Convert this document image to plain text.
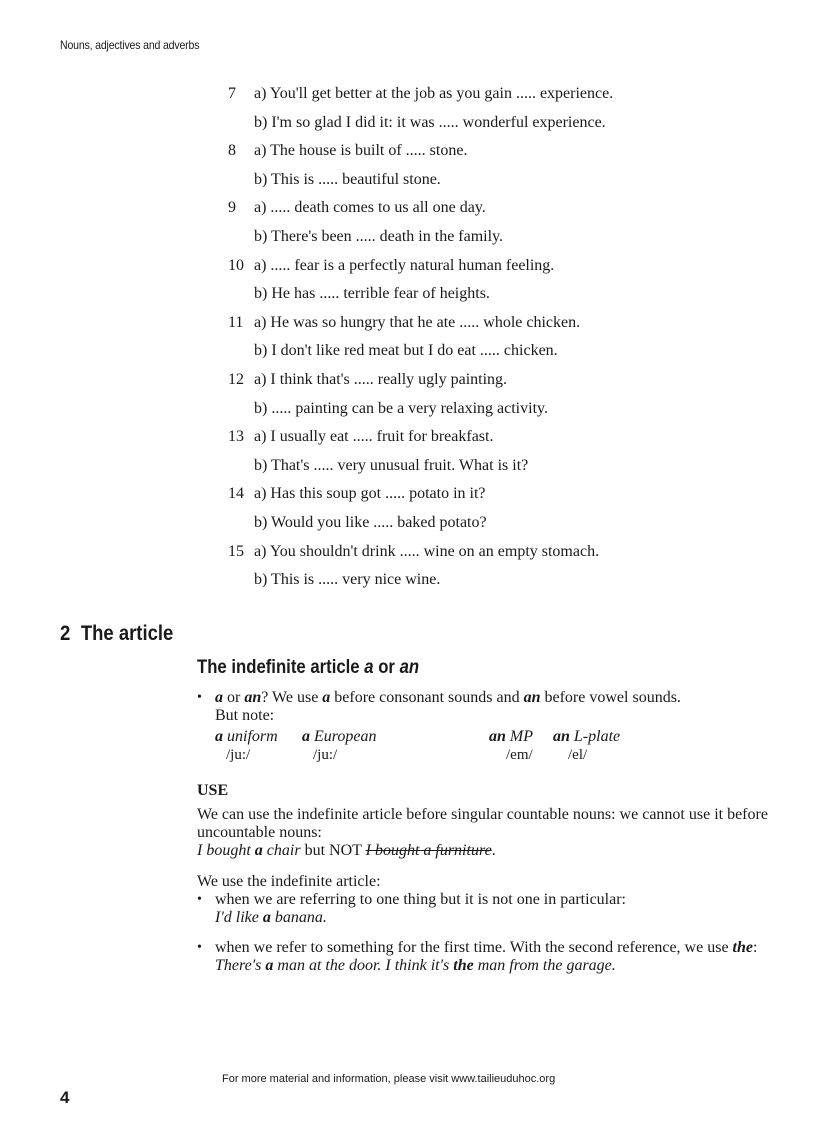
Nouns, adjectives and adverbs
7	a) You'll get better at the job as you gain ..... experience.
b) I'm so glad I did it: it was ..... wonderful experience.
8	a) The house is built of ..... stone.
b) This is ..... beautiful stone.
9	a) ..... death comes to us all one day.
b) There's been ..... death in the family.
10 a) ..... fear is a perfectly natural human feeling.
b) He has ..... terrible fear of heights.
11 a) He was so hungry that he ate ..... whole chicken.
b) I don't like red meat but I do eat ..... chicken.
12 a) I think that's ..... really ugly painting.
b) ..... painting can be a very relaxing activity.
13 a) I usually eat ..... fruit for breakfast.
b) That's ..... very unusual fruit. What is it?
14 a) Has this soup got ..... potato in it?
b) Would you like ..... baked potato?
15 a) You shouldn't drink ..... wine on an empty stomach.
b) This is ..... very nice wine.
2 The article
The indefinite article a or an
• a or an? We use a before consonant sounds and an before vowel sounds.
But note:
a uniform a European	an MP an L-plate
/ju:/	/ju:/	/em/ /el/
USE
We can use the indefinite article before singular countable nouns: we cannot use it before uncountable nouns:
I bought a chair but NOT I bought a furniture.
We use the indefinite article:
• when we are referring to one thing but it is not one in particular:
I'd like a banana.
• when we refer to something for the first time. With the second reference, we use the:
There's a man at the door. I think it's the man from the garage.
For more material and information, please visit www.tailieuduhoc.org
4
